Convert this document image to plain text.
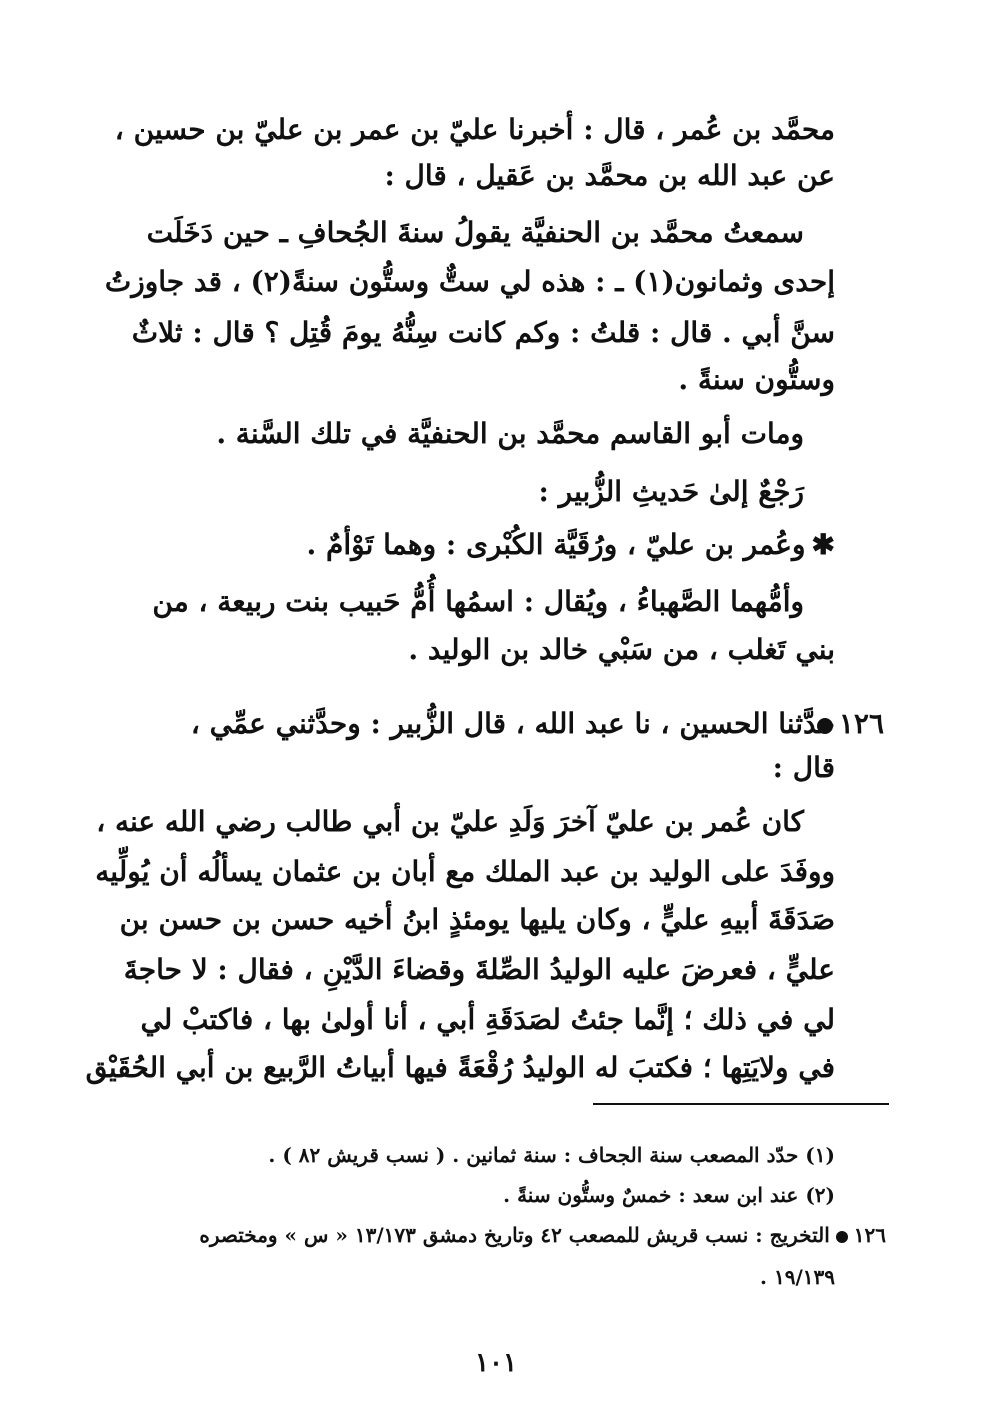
محمَّد بن عُمر ، قال : أخبرنا عليّ بن عمر بن عليّ بن حسين ،
عن عبد الله بن محمَّد بن عَقيل ، قال :
سمعتُ محمَّد بن الحنفيَّة يقولُ سنةَ الجُحافِ ـ حين دَخَلَت
إحدى وثمانون(١) ـ : هذه لي ستٌّ وستُّون سنةً(٢) ، قد جاوزتُ
سنَّ أبي . قال : قلتُ : وكم كانت سِنُّهُ يومَ قُتِل ؟ قال : ثلاثٌ
وستُّون سنةً .
ومات أبو القاسم محمَّد بن الحنفيَّة في تلك السَّنة .
رَجْعٌ إلىٰ حَديثِ الزُّبير :
✱وعُمر بن عليّ ، ورُقَيَّة الكُبْرى : وهما تَوْأمٌ .
وأمُّهما الصَّهباءُ ، ويُقال : اسمُها أُمُّ حَبيب بنت ربيعة ، من
بني تَغلب ، من سَبْي خالد بن الوليد .
١٢٦
حدَّثنا الحسين ، نا عبد الله ، قال الزُّبير : وحدَّثني عمِّي ،
قال :
كان عُمر بن عليّ آخرَ وَلَدِ عليّ بن أبي طالب رضي الله عنه ،
ووفَدَ على الوليد بن عبد الملك مع أبان بن عثمان يسألُه أن يُولِّيه
صَدَقَةَ أبيهِ عليٍّ ، وكان يليها يومئذٍ ابنُ أخيه حسن بن حسن بن
عليٍّ ، فعرضَ عليه الوليدُ الصِّلةَ وقضاءَ الدَّيْنِ ، فقال : لا حاجةَ
لي في ذلك ؛ إنَّما جئتُ لصَدَقَةِ أبي ، أنا أولىٰ بها ، فاكتبْ لي
في ولايَتِها ؛ فكتبَ له الوليدُ رُقْعَةً فيها أبياتُ الرَّبيع بن أبي الحُقَيْق
(١) حدّد المصعب سنة الجحاف : سنة ثمانين . ( نسب قريش ٨٢ ) .
(٢) عند ابن سعد : خمسٌ وستُّون سنةً .
١٢٦التخريج : نسب قريش للمصعب ٤٢ وتاريخ دمشق ١٣/١٧٣ « س » ومختصره
١٩/١٣٩ .
١٠١
